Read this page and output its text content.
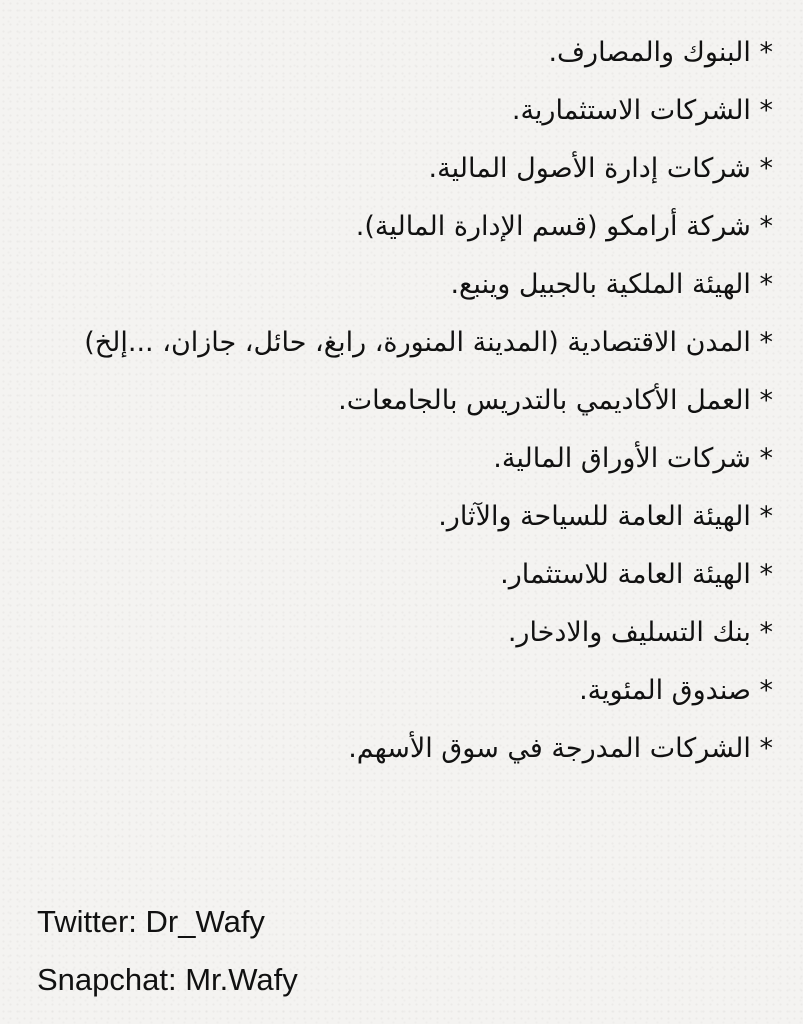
* البنوك والمصارف.
* الشركات الاستثمارية.
* شركات إدارة الأصول المالية.
* شركة أرامكو (قسم الإدارة المالية).
* الهيئة الملكية بالجبيل وينبع.
* المدن الاقتصادية (المدينة المنورة، رابغ، حائل، جازان، ...إلخ)
* العمل الأكاديمي بالتدريس بالجامعات.
* شركات الأوراق المالية.
* الهيئة العامة للسياحة والآثار.
* الهيئة العامة للاستثمار.
* بنك التسليف والادخار.
* صندوق المئوية.
* الشركات المدرجة في سوق الأسهم.
Twitter: Dr_Wafy
Snapchat: Mr.Wafy
